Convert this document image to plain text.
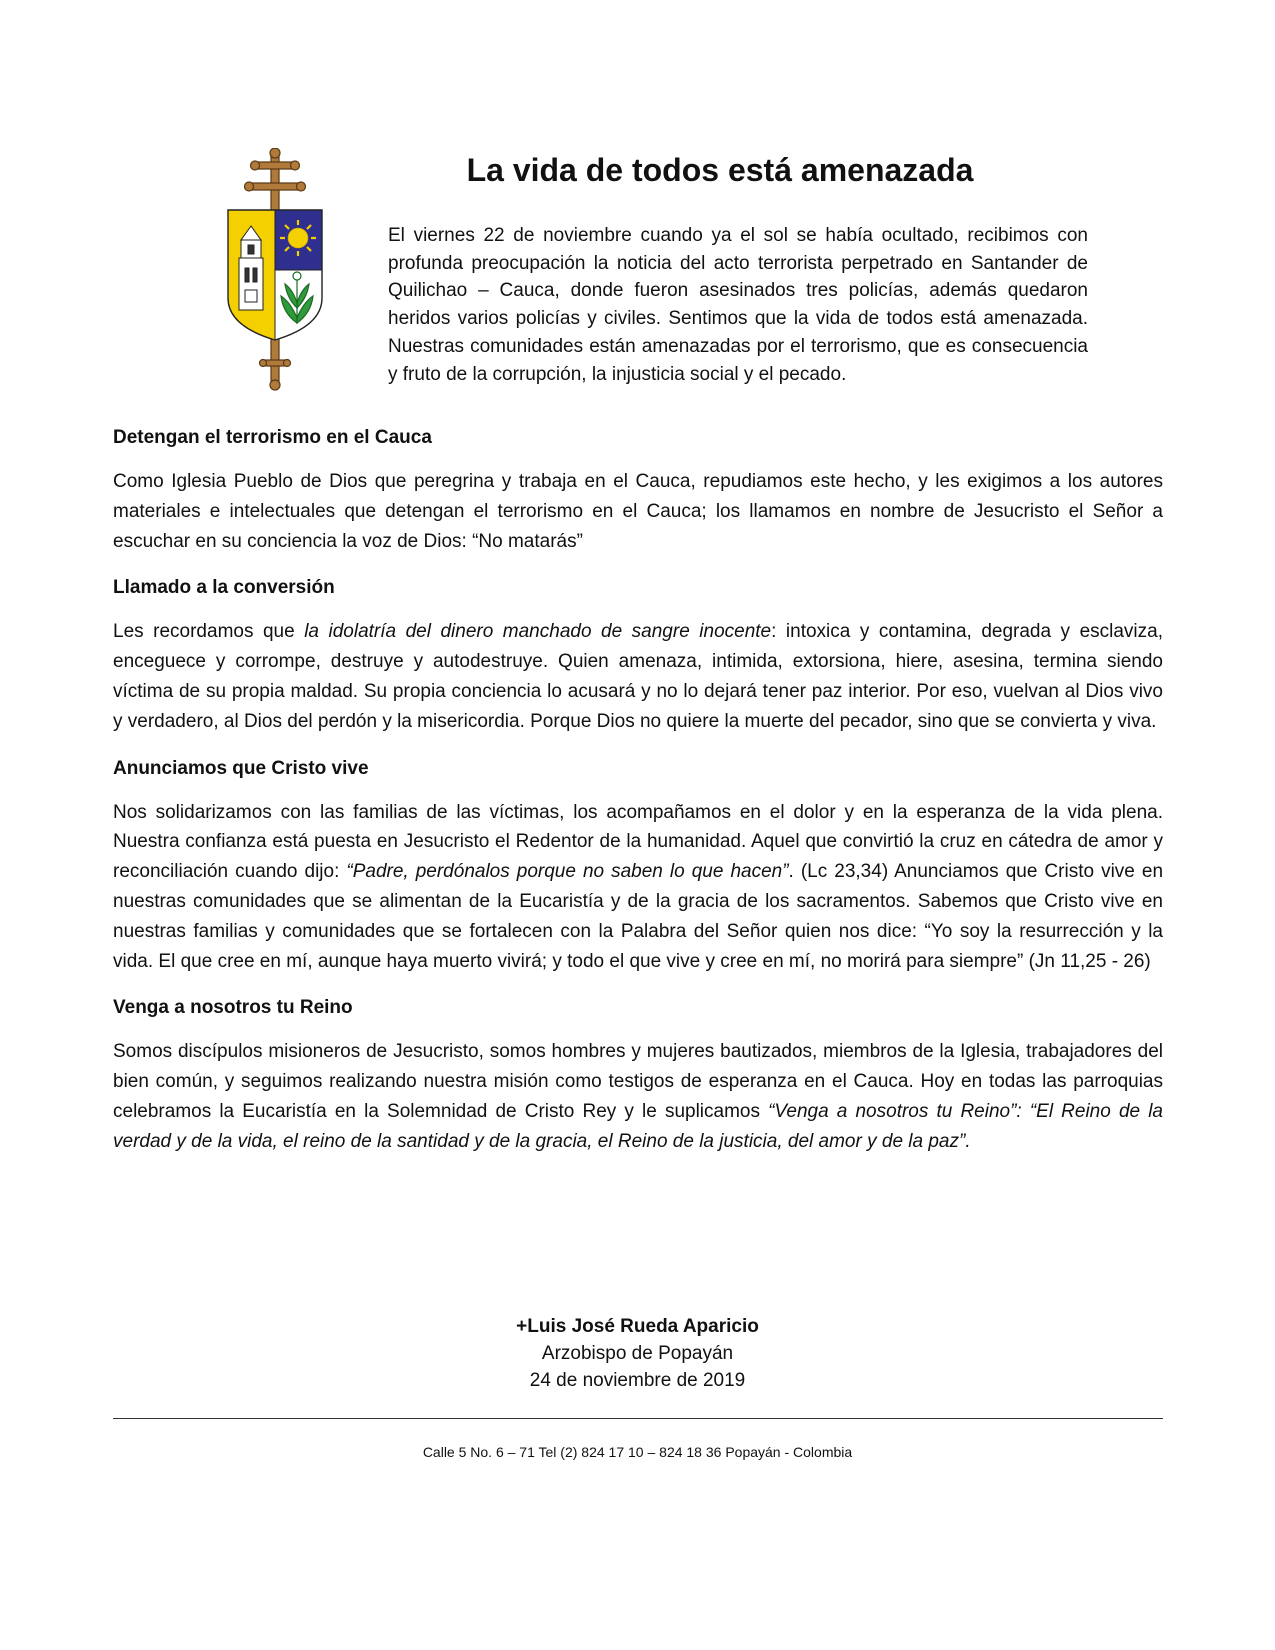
La vida de todos está amenazada
El viernes 22 de noviembre cuando ya el sol se había ocultado, recibimos con profunda preocupación la noticia del acto terrorista perpetrado en Santander de Quilichao – Cauca, donde fueron asesinados tres policías, además quedaron heridos varios policías y civiles. Sentimos que la vida de todos está amenazada. Nuestras comunidades están amenazadas por el terrorismo, que es consecuencia y fruto de la corrupción, la injusticia social y el pecado.
Detengan el terrorismo en el Cauca

Como Iglesia Pueblo de Dios que peregrina y trabaja en el Cauca, repudiamos este hecho, y les exigimos a los autores materiales e intelectuales que detengan el terrorismo en el Cauca; los llamamos en nombre de Jesucristo el Señor a escuchar en su conciencia la voz de Dios: “No matarás”

Llamado a la conversión

Les recordamos que la idolatría del dinero manchado de sangre inocente: intoxica y contamina, degrada y esclaviza, enceguece y corrompe, destruye y autodestruye. Quien amenaza, intimida, extorsiona, hiere, asesina, termina siendo víctima de su propia maldad. Su propia conciencia lo acusará y no lo dejará tener paz interior. Por eso, vuelvan al Dios vivo y verdadero, al Dios del perdón y la misericordia. Porque Dios no quiere la muerte del pecador, sino que se convierta y viva.

Anunciamos que Cristo vive

Nos solidarizamos con las familias de las víctimas, los acompañamos en el dolor y en la esperanza de la vida plena. Nuestra confianza está puesta en Jesucristo el Redentor de la humanidad. Aquel que convirtió la cruz en cátedra de amor y reconciliación cuando dijo: “Padre, perdónalos porque no saben lo que hacen”. (Lc 23,34) Anunciamos que Cristo vive en nuestras comunidades que se alimentan de la Eucaristía y de la gracia de los sacramentos. Sabemos que Cristo vive en nuestras familias y comunidades que se fortalecen con la Palabra del Señor quien nos dice: “Yo soy la resurrección y la vida. El que cree en mí, aunque haya muerto vivirá; y todo el que vive y cree en mí, no morirá para siempre” (Jn 11,25 - 26)

Venga a nosotros tu Reino

Somos discípulos misioneros de Jesucristo, somos hombres y mujeres bautizados, miembros de la Iglesia, trabajadores del bien común, y seguimos realizando nuestra misión como testigos de esperanza en el Cauca. Hoy en todas las parroquias celebramos la Eucaristía en la Solemnidad de Cristo Rey y le suplicamos “Venga a nosotros tu Reino”: “El Reino de la verdad y de la vida, el reino de la santidad y de la gracia, el Reino de la justicia, del amor y de la paz”.

+Luis José Rueda Aparicio
Arzobispo de Popayán
24 de noviembre de 2019
Calle 5 No. 6 – 71 Tel (2) 824 17 10 – 824 18 36 Popayán - Colombia
